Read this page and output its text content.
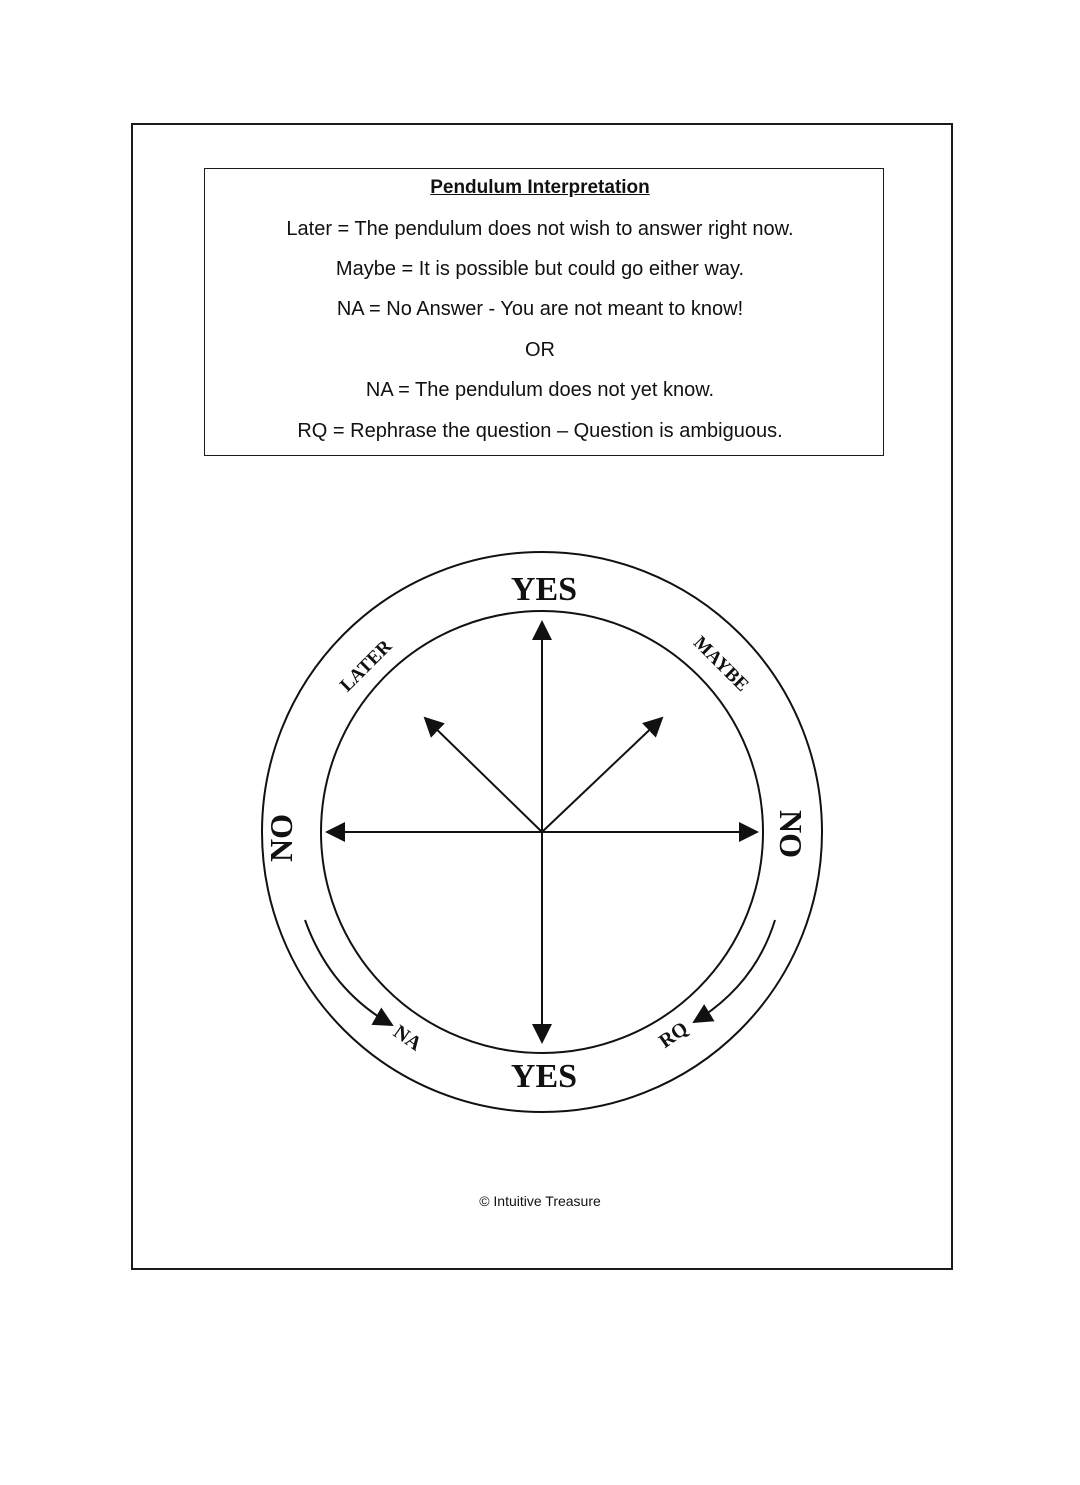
Pendulum Interpretation
Later = The pendulum does not wish to answer right now.
Maybe = It is possible but could go either way.
NA = No Answer - You are not meant to know!
OR
NA = The pendulum does not yet know.
RQ = Rephrase the question – Question is ambiguous.
YES
YES
NO	NO
LATER	MAYBE
NA	RQ
© Intuitive Treasure
